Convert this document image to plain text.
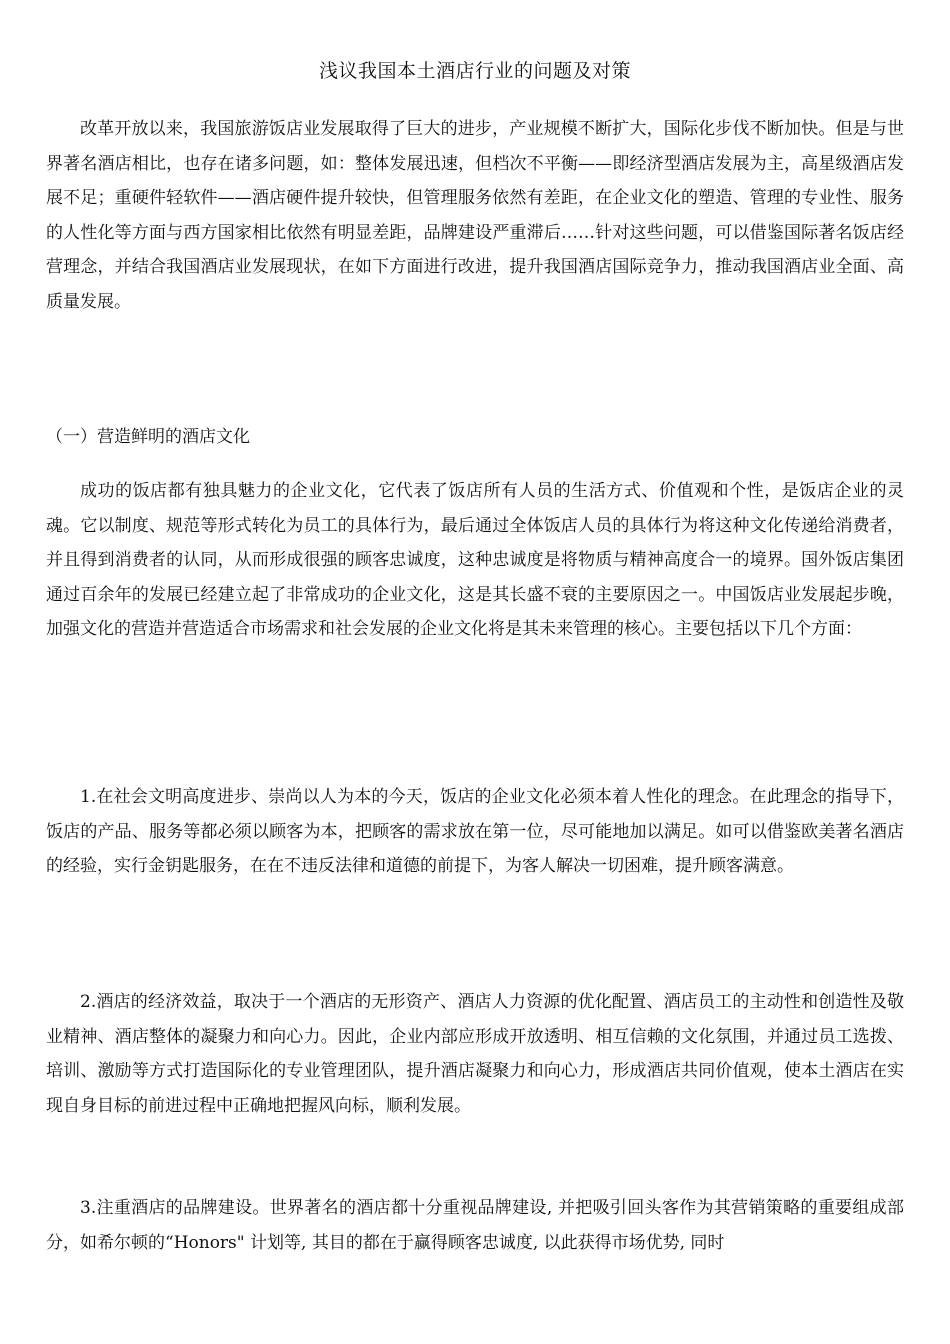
浅议我国本土酒店行业的问题及对策

改革开放以来，我国旅游饭店业发展取得了巨大的进步，产业规模不断扩大，国际化步伐不断加快。但是与世界著名酒店相比，也存在诸多问题，如：整体发展迅速，但档次不平衡——即经济型酒店发展为主，高星级酒店发展不足；重硬件轻软件——酒店硬件提升较快，但管理服务依然有差距，在企业文化的塑造、管理的专业性、服务的人性化等方面与西方国家相比依然有明显差距，品牌建设严重滞后……针对这些问题，可以借鉴国际著名饭店经营理念，并结合我国酒店业发展现状，在如下方面进行改进，提升我国酒店国际竞争力，推动我国酒店业全面、高质量发展。

（一）营造鲜明的酒店文化

成功的饭店都有独具魅力的企业文化，它代表了饭店所有人员的生活方式、价值观和个性，是饭店企业的灵魂。它以制度、规范等形式转化为员工的具体行为，最后通过全体饭店人员的具体行为将这种文化传递给消费者，并且得到消费者的认同，从而形成很强的顾客忠诚度，这种忠诚度是将物质与精神高度合一的境界。国外饭店集团通过百余年的发展已经建立起了非常成功的企业文化，这是其长盛不衰的主要原因之一。中国饭店业发展起步晚，加强文化的营造并营造适合市场需求和社会发展的企业文化将是其未来管理的核心。主要包括以下几个方面：

1.在社会文明高度进步、崇尚以人为本的今天，饭店的企业文化必须本着人性化的理念。在此理念的指导下，饭店的产品、服务等都必须以顾客为本，把顾客的需求放在第一位，尽可能地加以满足。如可以借鉴欧美著名酒店的经验，实行金钥匙服务，在在不违反法律和道德的前提下，为客人解决一切困难，提升顾客满意。

2.酒店的经济效益，取决于一个酒店的无形资产、酒店人力资源的优化配置、酒店员工的主动性和创造性及敬业精神、酒店整体的凝聚力和向心力。因此，企业内部应形成开放透明、相互信赖的文化氛围，并通过员工选拨、培训、激励等方式打造国际化的专业管理团队，提升酒店凝聚力和向心力，形成酒店共同价值观，使本土酒店在实现自身目标的前进过程中正确地把握风向标，顺利发展。

3.注重酒店的品牌建设。世界著名的酒店都十分重视品牌建设, 并把吸引回头客作为其营销策略的重要组成部分，如希尔顿的“Honors" 计划等, 其目的都在于赢得顾客忠诚度, 以此获得市场优势, 同时
